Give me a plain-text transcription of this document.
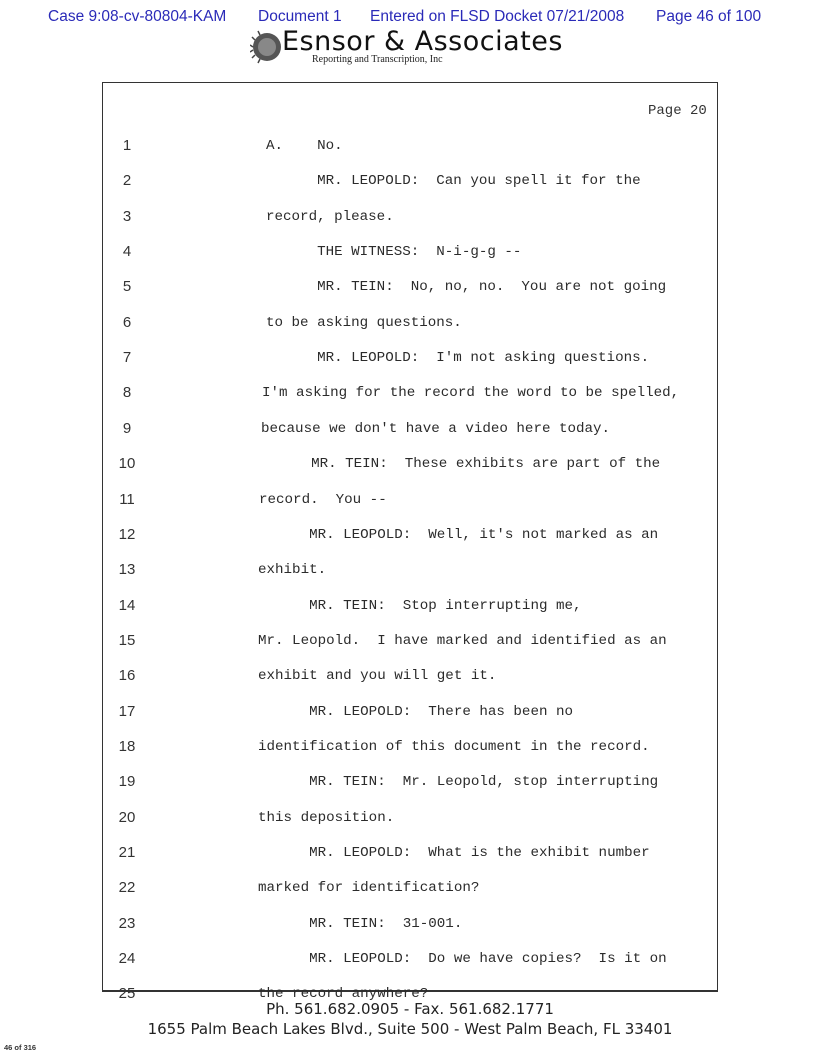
Case 9:08-cv-80804-KAM Document 1 Entered on FLSD Docket 07/21/2008 Page 46 of 100
Esnsor & Associates
Reporting and Transcription, Inc
Page 20
1	A.    No.
2	MR. LEOPOLD:  Can you spell it for the
3	record, please.
4	THE WITNESS:  N-i-g-g --
5	MR. TEIN:  No, no, no.  You are not going
6	to be asking questions.
7	MR. LEOPOLD:  I'm not asking questions.
8	I'm asking for the record the word to be spelled,
9	because we don't have a video here today.
10	MR. TEIN:  These exhibits are part of the
11	record.  You --
12	MR. LEOPOLD:  Well, it's not marked as an
13	exhibit.
14	MR. TEIN:  Stop interrupting me,
15	Mr. Leopold.  I have marked and identified as an
16	exhibit and you will get it.
17	MR. LEOPOLD:  There has been no
18	identification of this document in the record.
19	MR. TEIN:  Mr. Leopold, stop interrupting
20	this deposition.
21	MR. LEOPOLD:  What is the exhibit number
22	marked for identification?
23	MR. TEIN:  31-001.
24	MR. LEOPOLD:  Do we have copies?  Is it on
25	the record anywhere?
Ph. 561.682.0905 - Fax. 561.682.1771
1655 Palm Beach Lakes Blvd., Suite 500 - West Palm Beach, FL 33401
46 of 316
